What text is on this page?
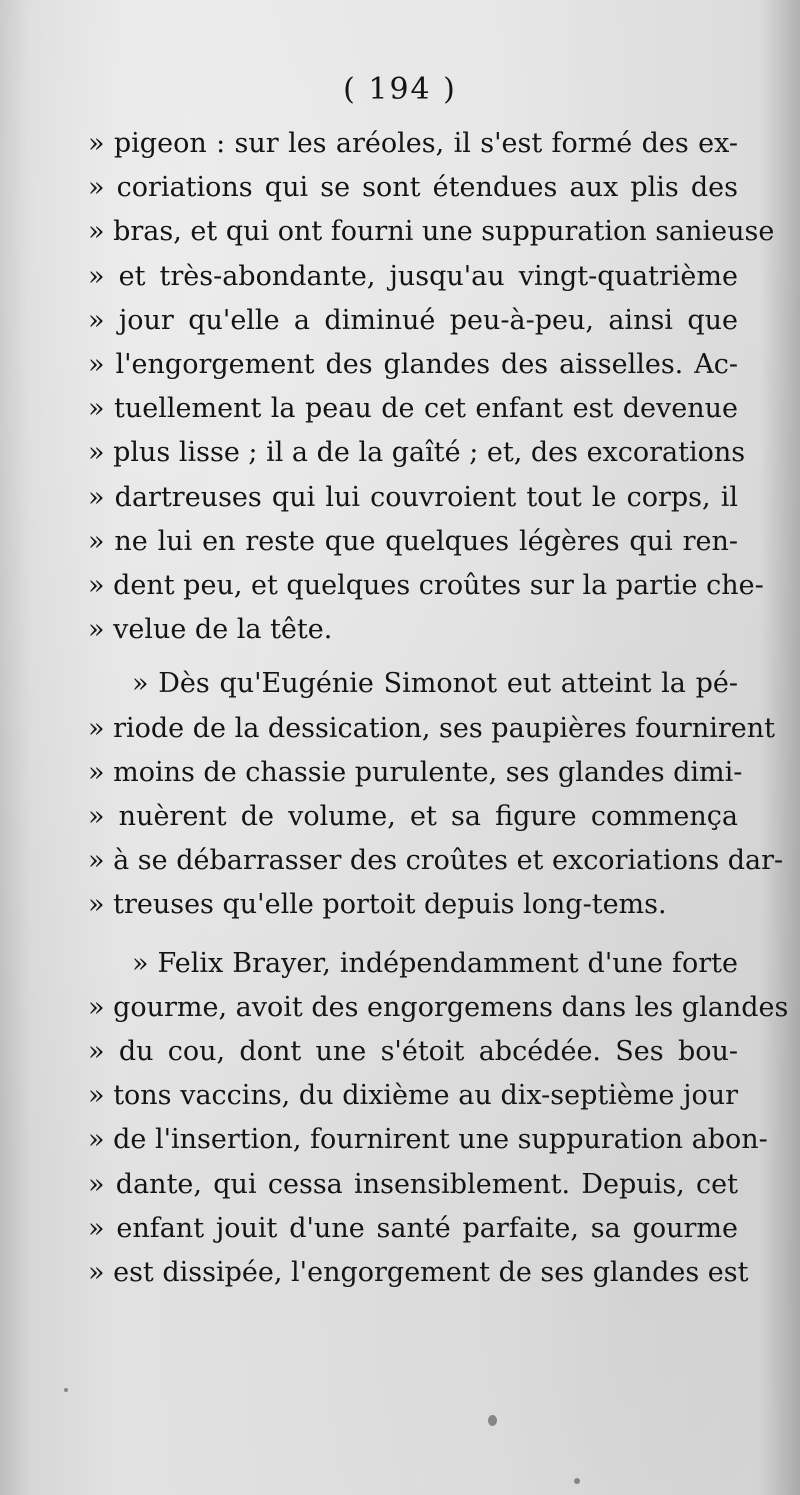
( 194 )
» pigeon : sur les aréoles, il s'est formé des ex-
» coriations qui se sont étendues aux plis des
» bras, et qui ont fourni une suppuration sanieuse
» et très-abondante, jusqu'au vingt-quatrième
» jour qu'elle a diminué peu-à-peu, ainsi que
» l'engorgement des glandes des aisselles. Ac-
» tuellement la peau de cet enfant est devenue
» plus lisse ; il a de la gaîté ; et, des excorations
» dartreuses qui lui couvroient tout le corps, il
» ne lui en reste que quelques légères qui ren-
» dent peu, et quelques croûtes sur la partie che-
» velue de la tête.
» Dès qu'Eugénie Simonot eut atteint la pé-
» riode de la dessication, ses paupières fournirent
» moins de chassie purulente, ses glandes dimi-
» nuèrent de volume, et sa figure commença
» à se débarrasser des croûtes et excoriations dar-
» treuses qu'elle portoit depuis long-tems.
» Felix Brayer, indépendamment d'une forte
» gourme, avoit des engorgemens dans les glandes
» du cou, dont une s'étoit abcédée. Ses bou-
» tons vaccins, du dixième au dix-septième jour
» de l'insertion, fournirent une suppuration abon-
» dante, qui cessa insensiblement. Depuis, cet
» enfant jouit d'une santé parfaite, sa gourme
» est dissipée, l'engorgement de ses glandes est
